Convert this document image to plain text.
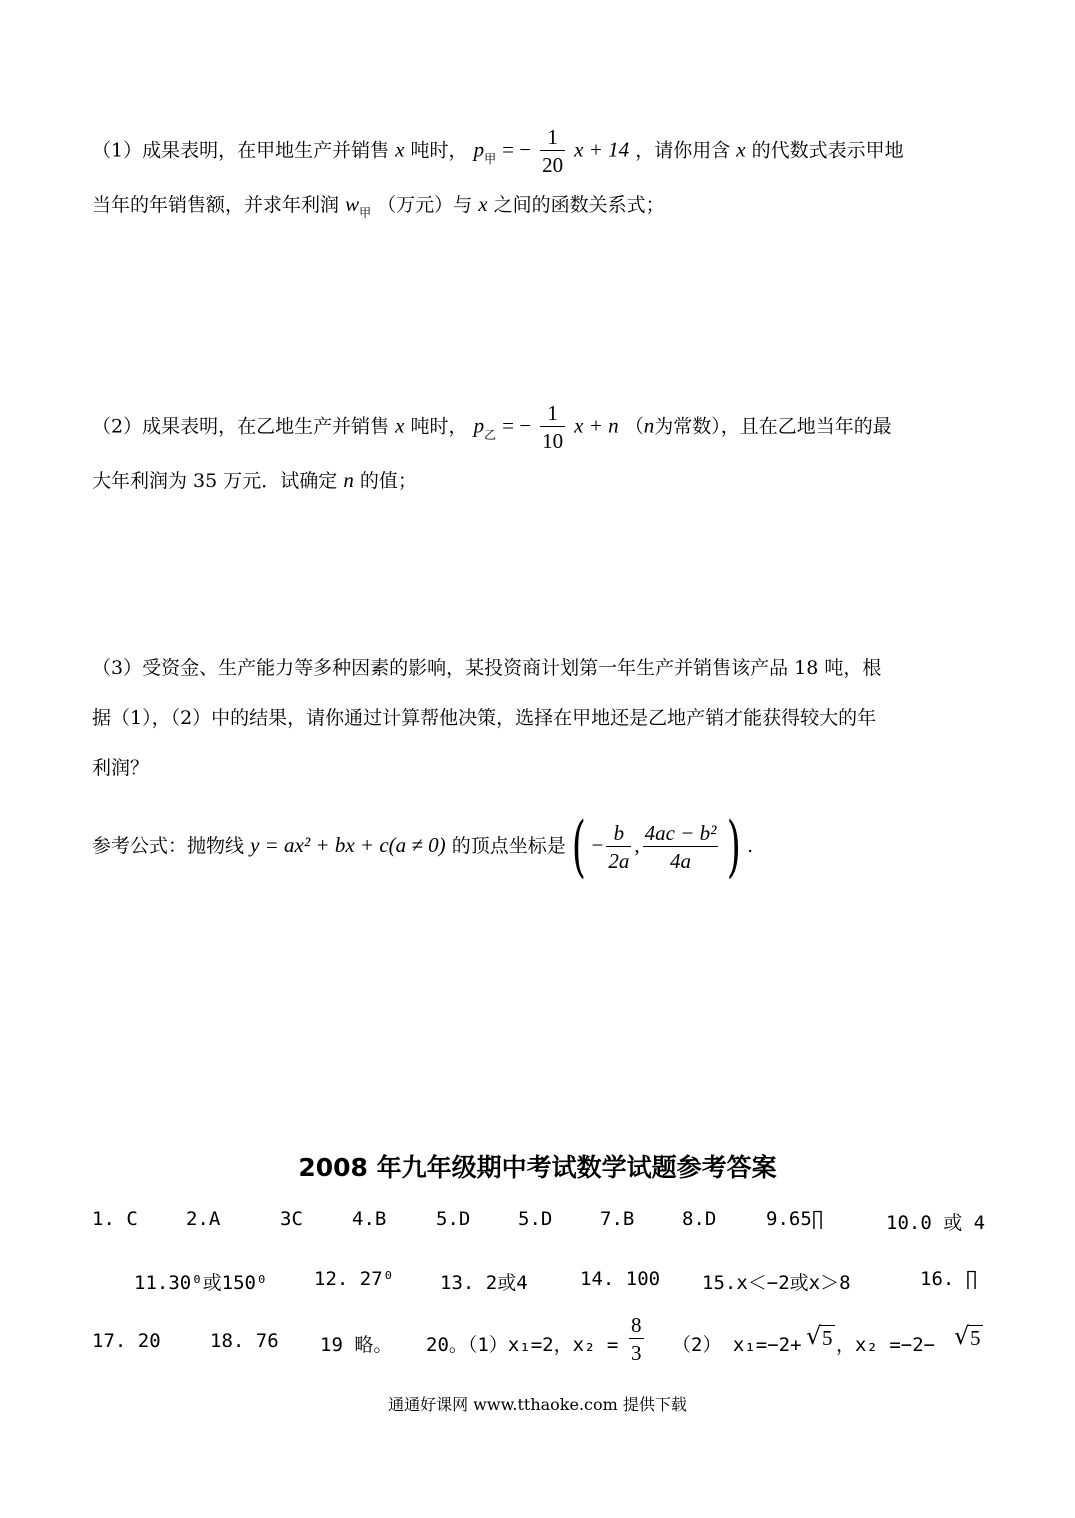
（1）成果表明，在甲地生产并销售 x 吨时， $p_甲$ = − $\frac{1}{20}$ x + 14 ，请你用含 x 的代数式表示甲地
当年的年销售额，并求年利润 $w_甲$ （万元）与 x 之间的函数关系式；
（2）成果表明，在乙地生产并销售 x 吨时， $p_乙$ = − $\frac{1}{10}$ x + n （n为常数），且在乙地当年的最
大年利润为 35 万元．试确定 n 的值；
（3）受资金、生产能力等多种因素的影响，某投资商计划第一年生产并销售该产品 18 吨，根
据（1），（2）中的结果，请你通过计算帮他决策，选择在甲地还是乙地产销才能获得较大的年
利润？
参考公式：抛物线 y = ax² + bx + c(a ≠ 0) 的顶点坐标是( − $\frac{b}{2a}$ , $\frac{\text{4ac − b²}}{4a}$ ) .
2008 年九年级期中考试数学试题参考答案
1. C	2.A	3C	4.B	5.D	5.D	7.B	8.D	9.65∏	10.0 或 4
11.30⁰或150⁰ 12. 27⁰ 13. 2或4	14. 100 15.x＜−2或x＞8	16. ∏
17. 20	18. 76 19 略。 20。（1）x₁=2，$x_2 = \frac{8}{3} (2)$ x₁=−2+ √ 5 ，x₂ =−2−	√ 5
通通好课网 www.tthaoke.com 提供下载
